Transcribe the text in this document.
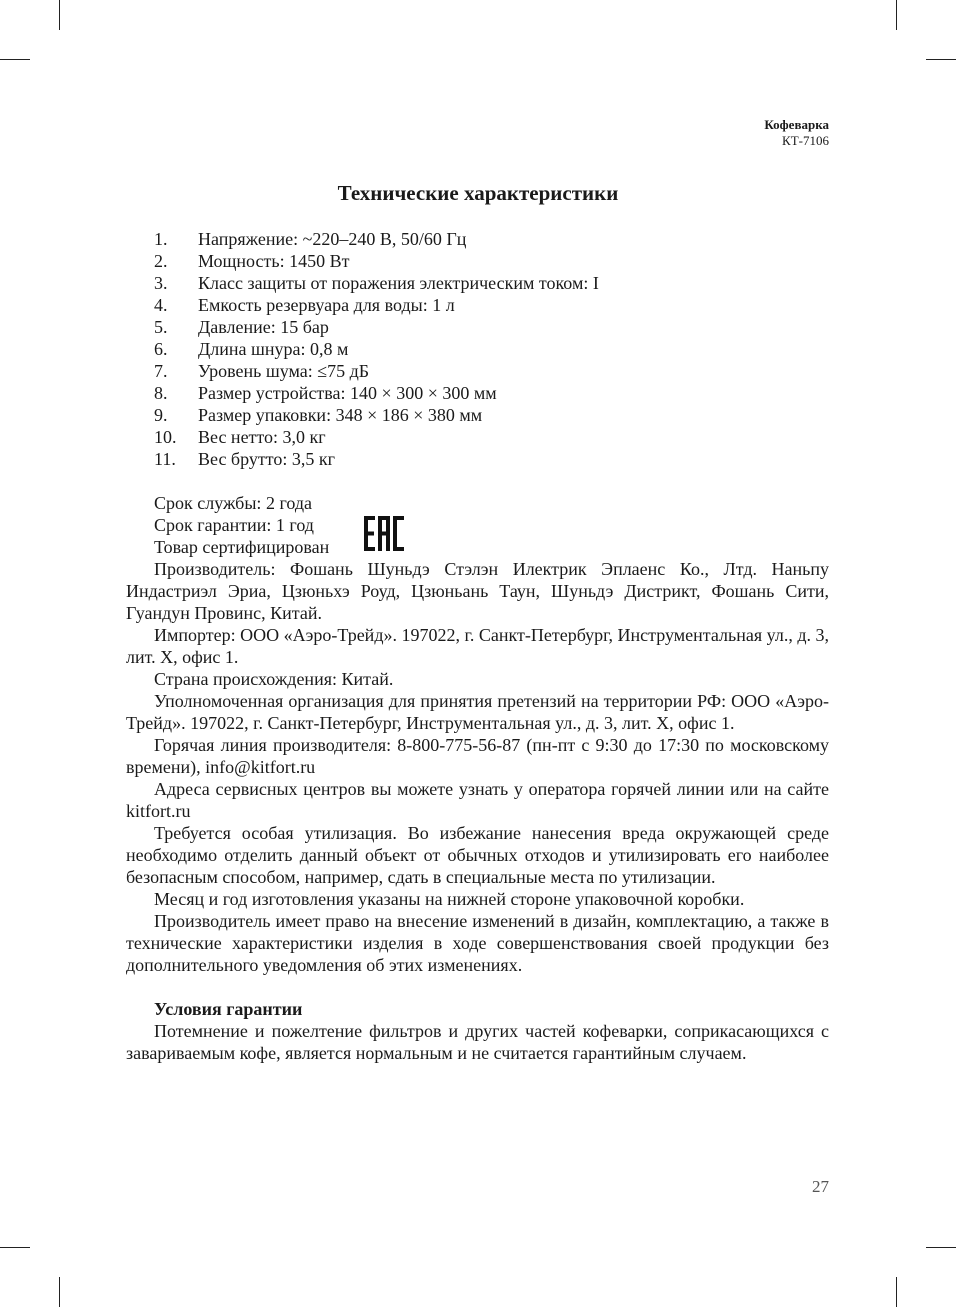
Кофеварка
КТ-7106
Технические характеристики
1.	Напряжение: ~220–240 В, 50/60 Гц
2.	Мощность: 1450 Вт
3.	Класс защиты от поражения электрическим током: I
4.	Емкость резервуара для воды: 1 л
5.	Давление: 15 бар
6.	Длина шнура: 0,8 м
7.	Уровень шума: ≤75 дБ
8.	Размер устройства: 140 × 300 × 300 мм
9.	Размер упаковки: 348 × 186 × 380 мм
10.	Вес нетто: 3,0 кг
11.	Вес брутто: 3,5 кг
Срок службы: 2 года
Срок гарантии: 1 год
Товар сертифицирован

Производитель: Фошань Шуньдэ Стэлэн Илектрик Эплаенс Ко., Лтд. Наньпу Индастриэл Эриа, Цзюньхэ Роуд, Цзюньань Таун, Шуньдэ Дистрикт, Фошань Сити, Гуандун Провинс, Китай.

Импортер: ООО «Аэро-Трейд». 197022, г. Санкт-Петербург, Инструментальная ул., д. 3, лит. Х, офис 1.

Страна происхождения: Китай.

Уполномоченная организация для принятия претензий на территории РФ: ООО «Аэро-Трейд». 197022, г. Санкт-Петербург, Инструментальная ул., д. 3, лит. Х, офис 1.

Горячая линия производителя: 8-800-775-56-87 (пн-пт с 9:30 до 17:30 по московскому времени), info@kitfort.ru

Адреса сервисных центров вы можете узнать у оператора горячей линии или на сайте kitfort.ru

Требуется особая утилизация. Во избежание нанесения вреда окружающей среде необходимо отделить данный объект от обычных отходов и утилизировать его наиболее безопасным способом, например, сдать в специальные места по утилизации.

Месяц и год изготовления указаны на нижней стороне упаковочной коробки.

Производитель имеет право на внесение изменений в дизайн, комплектацию, а также в технические характеристики изделия в ходе совершенствования своей продукции без дополнительного уведомления об этих изменениях.

Условия гарантии

Потемнение и пожелтение фильтров и других частей кофеварки, соприкасающихся с завариваемым кофе, является нормальным и не считается гарантийным случаем.

27
